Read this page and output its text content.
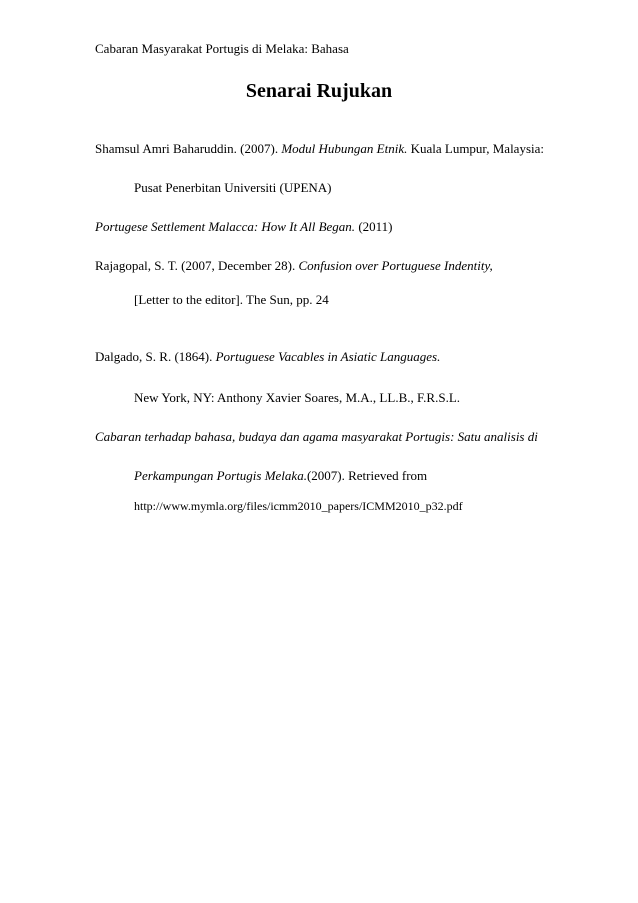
Cabaran Masyarakat Portugis di Melaka: Bahasa
Senarai Rujukan
Shamsul Amri Baharuddin. (2007). Modul Hubungan Etnik. Kuala Lumpur, Malaysia:
Pusat Penerbitan Universiti (UPENA)
Portugese Settlement Malacca: How It All Began. (2011)
Rajagopal, S. T. (2007, December 28). Confusion over Portuguese Indentity,
[Letter to the editor]. The Sun, pp. 24
Dalgado, S. R. (1864). Portuguese Vacables in Asiatic Languages.
New York, NY: Anthony Xavier Soares, M.A., LL.B., F.R.S.L.
Cabaran terhadap bahasa, budaya dan agama masyarakat Portugis: Satu analisis di
Perkampungan Portugis Melaka.(2007). Retrieved from
http://www.mymla.org/files/icmm2010_papers/ICMM2010_p32.pdf
